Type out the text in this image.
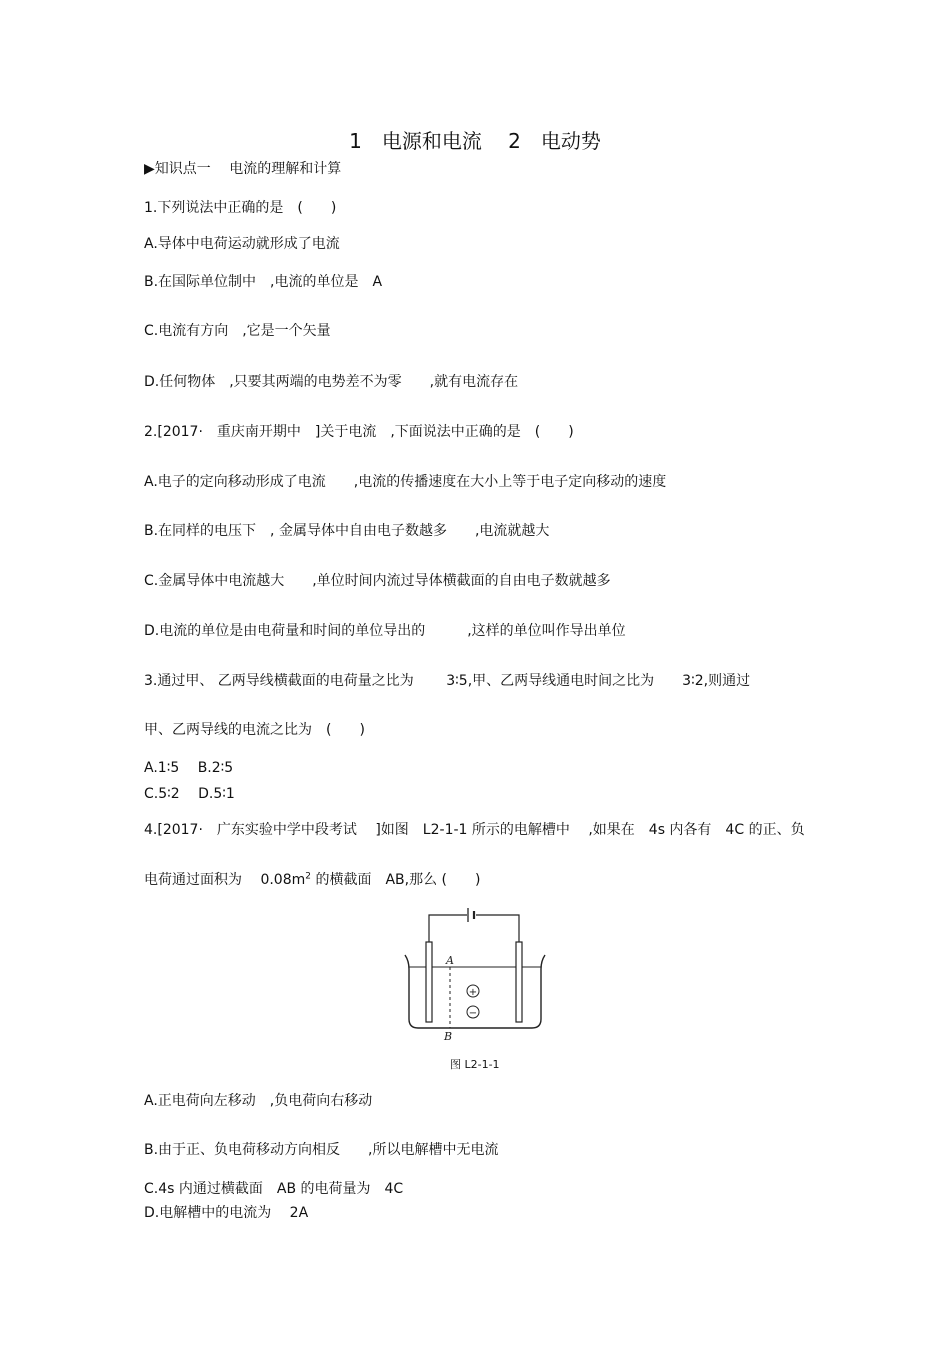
1　电源和电流　 2　电动势
▶知识点一　 电流的理解和计算
1.下列说法中正确的是　(　　)
A.导体中电荷运动就形成了电流
B.在国际单位制中　,电流的单位是　A
C.电流有方向　,它是一个矢量
D.任何物体　,只要其两端的电势差不为零　　,就有电流存在
2.[2017·　重庆南开期中　]关于电流　,下面说法中正确的是　(　　)
A.电子的定向移动形成了电流　　,电流的传播速度在大小上等于电子定向移动的速度
B.在同样的电压下　, 金属导体中自由电子数越多　　,电流就越大
C.金属导体中电流越大　　,单位时间内流过导体横截面的自由电子数就越多
D.电流的单位是由电荷量和时间的单位导出的　　　,这样的单位叫作导出单位
3.通过甲、 乙两导线横截面的电荷量之比为　　 3∶5,甲、乙两导线通电时间之比为　　3∶2,则通过
甲、乙两导线的电流之比为　(　　)
A.1∶5　 B.2∶5
C.5∶2　 D.5∶1
4.[2017·　广东实验中学中段考试　 ]如图　L2-1-1 所示的电解槽中　 ,如果在　4s 内各有　4C 的正、负
电荷通过面积为　 $0.08m^2$ 的横截面　AB,那么 (　　)
A
B
+
−
图 L2-1-1
A.正电荷向左移动　,负电荷向右移动
B.由于正、负电荷移动方向相反　　,所以电解槽中无电流
C.4s 内通过横截面　AB 的电荷量为　4C
D.电解槽中的电流为　 2A
